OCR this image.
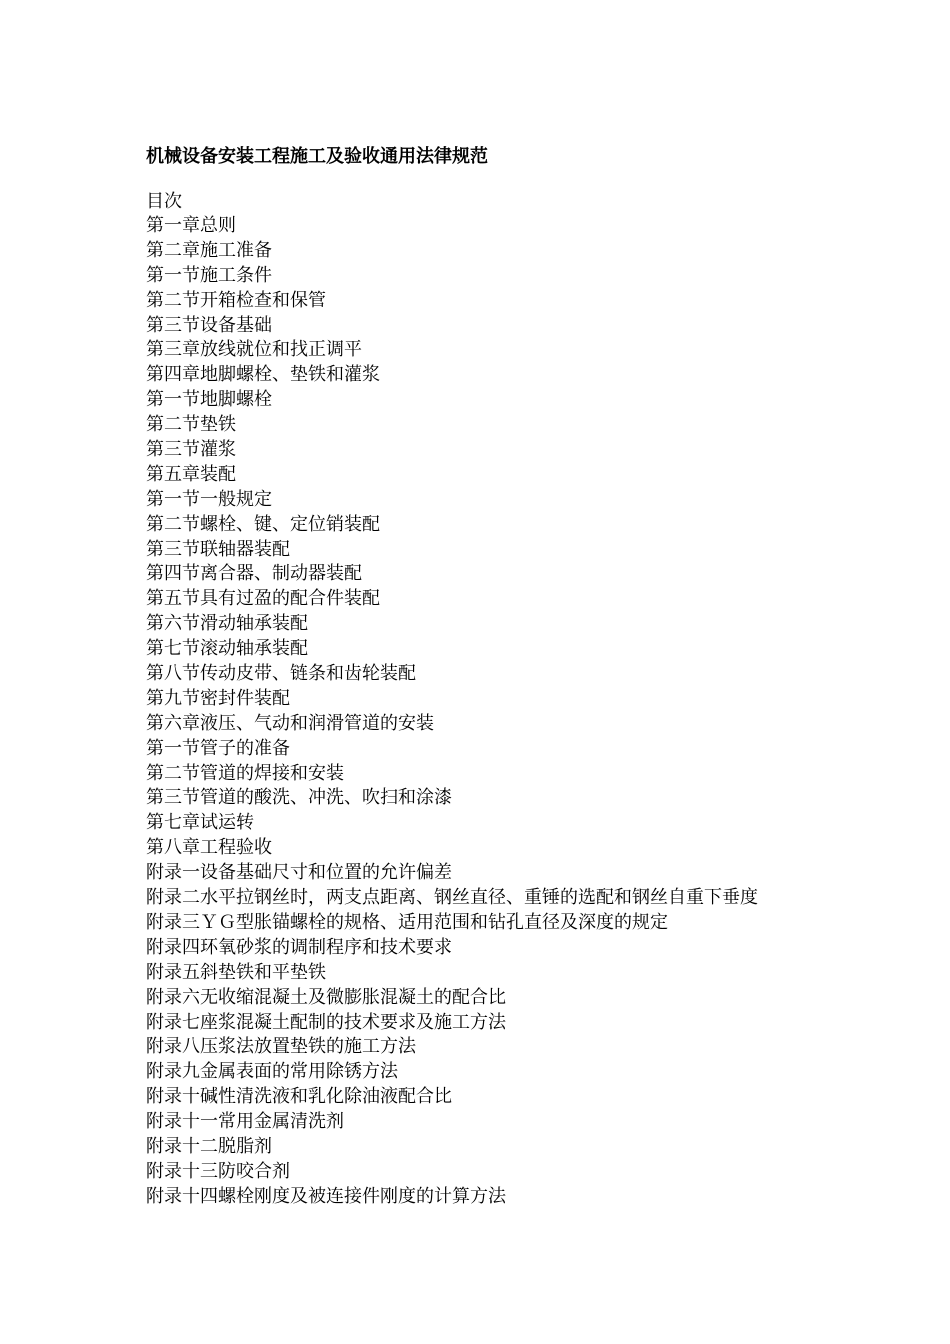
机械设备安装工程施工及验收通用法律规范
目次
第一章总则
第二章施工准备
第一节施工条件
第二节开箱检查和保管
第三节设备基础
第三章放线就位和找正调平
第四章地脚螺栓、垫铁和灌浆
第一节地脚螺栓
第二节垫铁
第三节灌浆
第五章装配
第一节一般规定
第二节螺栓、键、定位销装配
第三节联轴器装配
第四节离合器、制动器装配
第五节具有过盈的配合件装配
第六节滑动轴承装配
第七节滚动轴承装配
第八节传动皮带、链条和齿轮装配
第九节密封件装配
第六章液压、气动和润滑管道的安装
第一节管子的准备
第二节管道的焊接和安装
第三节管道的酸洗、冲洗、吹扫和涂漆
第七章试运转
第八章工程验收
附录一设备基础尺寸和位置的允许偏差
附录二水平拉钢丝时，两支点距离、钢丝直径、重锤的选配和钢丝自重下垂度
附录三ＹＧ型胀锚螺栓的规格、适用范围和钻孔直径及深度的规定
附录四环氧砂浆的调制程序和技术要求
附录五斜垫铁和平垫铁
附录六无收缩混凝土及微膨胀混凝土的配合比
附录七座浆混凝土配制的技术要求及施工方法
附录八压浆法放置垫铁的施工方法
附录九金属表面的常用除锈方法
附录十碱性清洗液和乳化除油液配合比
附录十一常用金属清洗剂
附录十二脱脂剂
附录十三防咬合剂
附录十四螺栓刚度及被连接件刚度的计算方法
